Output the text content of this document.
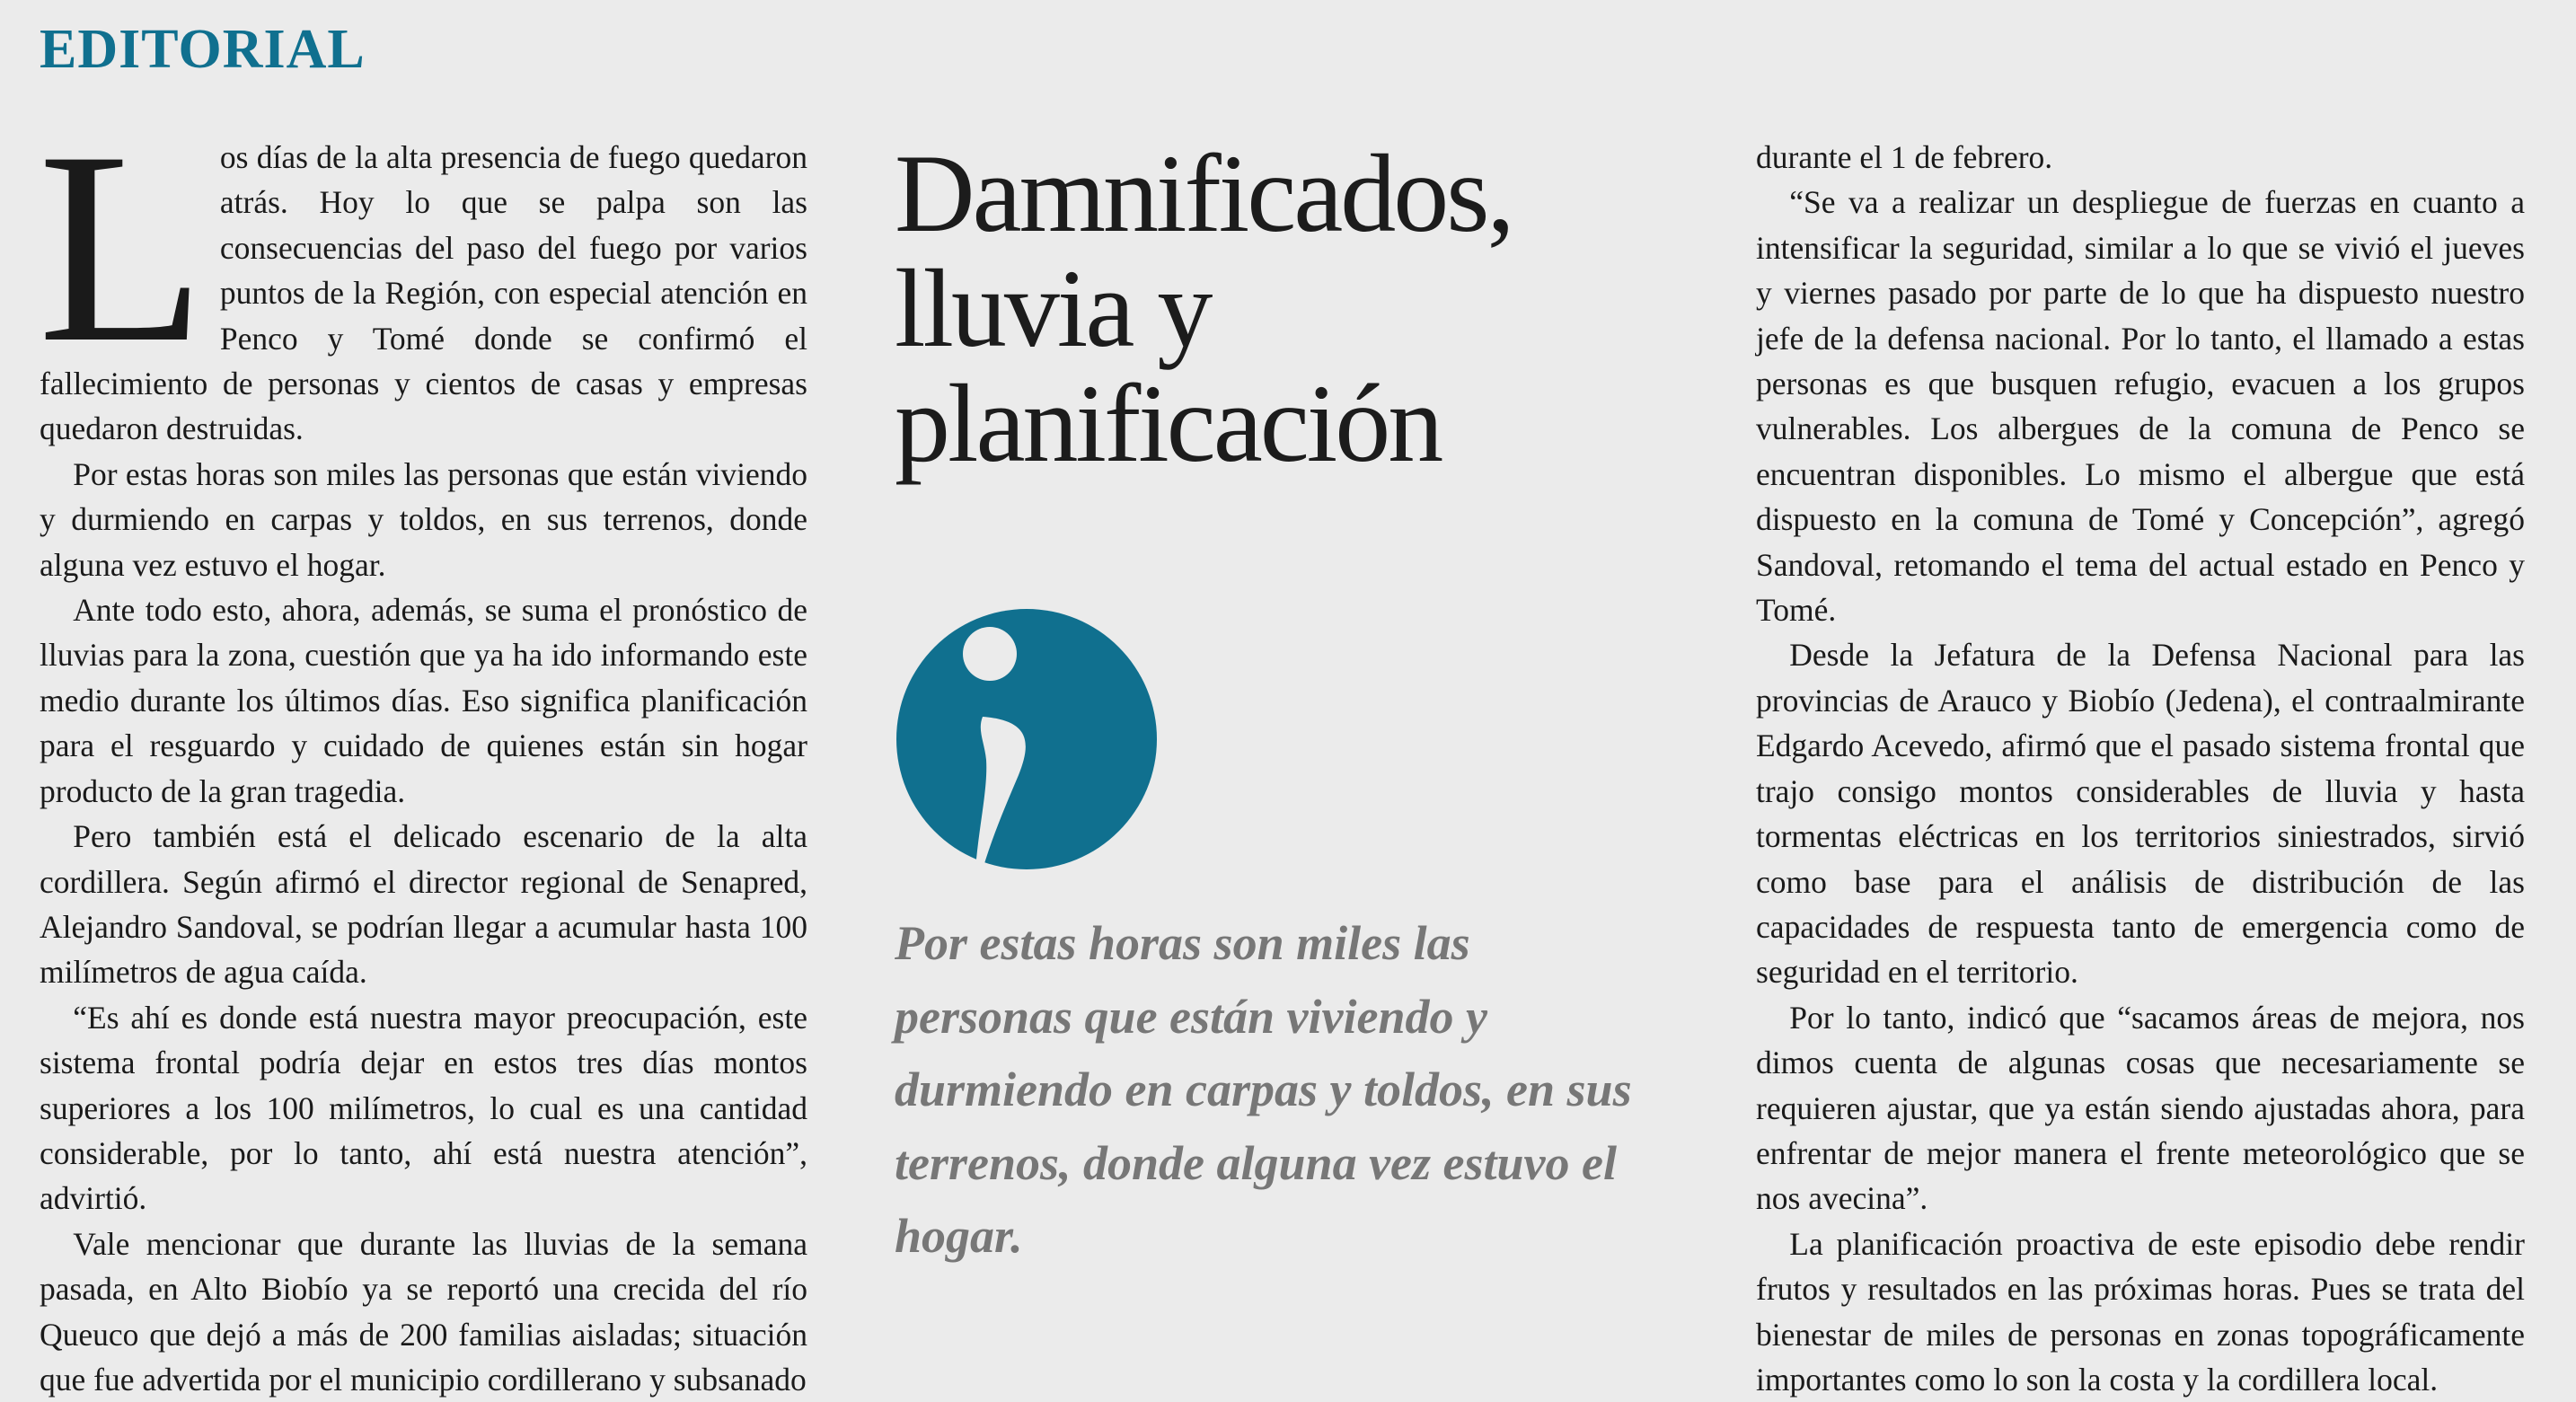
EDITORIAL

Los días de la alta presencia de fuego quedaron atrás. Hoy lo que se palpa son las consecuencias del paso del fuego por varios puntos de la Región, con especial atención en Penco y Tomé donde se confirmó el fallecimiento de personas y cientos de casas y empresas quedaron destruidas.

Por estas horas son miles las personas que están viviendo y durmiendo en carpas y toldos, en sus terrenos, donde alguna vez estuvo el hogar.

Ante todo esto, ahora, además, se suma el pronóstico de lluvias para la zona, cuestión que ya ha ido informando este medio durante los últimos días. Eso significa planificación para el resguardo y cuidado de quienes están sin hogar producto de la gran tragedia.

Pero también está el delicado escenario de la alta cordillera. Según afirmó el director regional de Senapred, Alejandro Sandoval, se podrían llegar a acumular hasta 100 milímetros de agua caída.

“Es ahí es donde está nuestra mayor preocupación, este sistema frontal podría dejar en estos tres días montos superiores a los 100 milímetros, lo cual es una cantidad considerable, por lo tanto, ahí está nuestra atención”, advirtió.

Vale mencionar que durante las lluvias de la semana pasada, en Alto Biobío ya se reportó una crecida del río Queuco que dejó a más de 200 familias aisladas; situación que fue advertida por el municipio cordillerano y subsanado

Damnificados, lluvia y planificación

Por estas horas son miles las personas que están viviendo y durmiendo en carpas y toldos, en sus terrenos, donde alguna vez estuvo el hogar.

durante el 1 de febrero.

“Se va a realizar un despliegue de fuerzas en cuanto a intensificar la seguridad, similar a lo que se vivió el jueves y viernes pasado por parte de lo que ha dispuesto nuestro jefe de la defensa nacional. Por lo tanto, el llamado a estas personas es que busquen refugio, evacuen a los grupos vulnerables. Los albergues de la comuna de Penco se encuentran disponibles. Lo mismo el albergue que está dispuesto en la comuna de Tomé y Concepción”, agregó Sandoval, retomando el tema del actual estado en Penco y Tomé.

Desde la Jefatura de la Defensa Nacional para las provincias de Arauco y Biobío (Jedena), el contraalmirante Edgardo Acevedo, afirmó que el pasado sistema frontal que trajo consigo montos considerables de lluvia y hasta tormentas eléctricas en los territorios siniestrados, sirvió como base para el análisis de distribución de las capacidades de respuesta tanto de emergencia como de seguridad en el territorio.

Por lo tanto, indicó que “sacamos áreas de mejora, nos dimos cuenta de algunas cosas que necesariamente se requieren ajustar, que ya están siendo ajustadas ahora, para enfrentar de mejor manera el frente meteorológico que se nos avecina”.

La planificación proactiva de este episodio debe rendir frutos y resultados en las próximas horas. Pues se trata del bienestar de miles de personas en zonas topográficamente importantes como lo son la costa y la cordillera local.
